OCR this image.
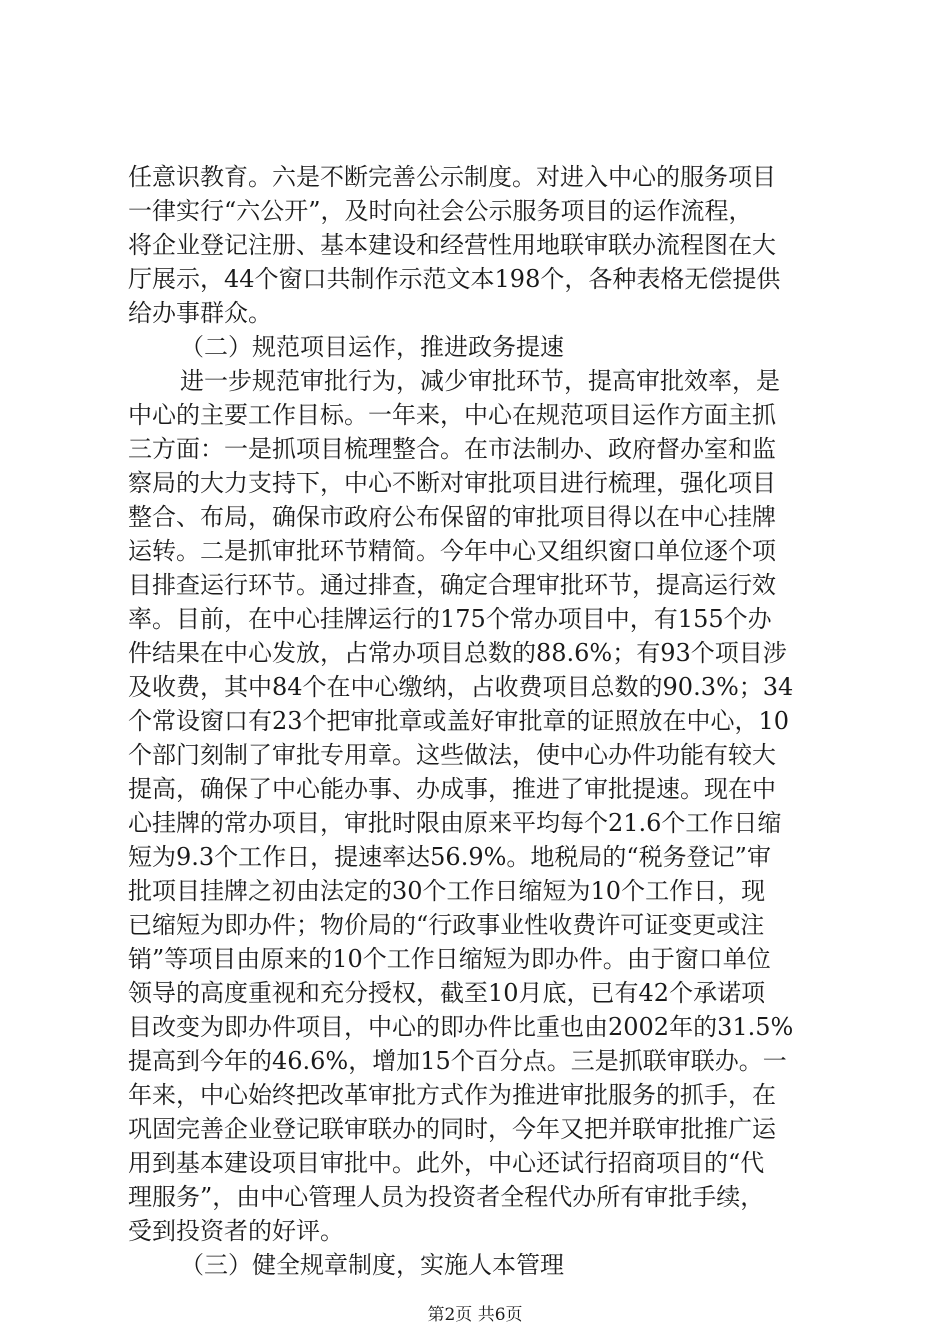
任意识教育。六是不断完善公示制度。对进入中心的服务项目
一律实行“六公开”，及时向社会公示服务项目的运作流程，
将企业登记注册、基本建设和经营性用地联审联办流程图在大
厅展示，44个窗口共制作示范文本198个，各种表格无偿提供
给办事群众。
（二）规范项目运作，推进政务提速
进一步规范审批行为，减少审批环节，提高审批效率，是
中心的主要工作目标。一年来，中心在规范项目运作方面主抓
三方面：一是抓项目梳理整合。在市法制办、政府督办室和监
察局的大力支持下，中心不断对审批项目进行梳理，强化项目
整合、布局，确保市政府公布保留的审批项目得以在中心挂牌
运转。二是抓审批环节精简。今年中心又组织窗口单位逐个项
目排查运行环节。通过排查，确定合理审批环节，提高运行效
率。目前，在中心挂牌运行的175个常办项目中，有155个办
件结果在中心发放，占常办项目总数的88.6%；有93个项目涉
及收费，其中84个在中心缴纳，占收费项目总数的90.3%；34
个常设窗口有23个把审批章或盖好审批章的证照放在中心，10
个部门刻制了审批专用章。这些做法，使中心办件功能有较大
提高，确保了中心能办事、办成事，推进了审批提速。现在中
心挂牌的常办项目，审批时限由原来平均每个21.6个工作日缩
短为9.3个工作日，提速率达56.9%。地税局的“税务登记”审
批项目挂牌之初由法定的30个工作日缩短为10个工作日，现
已缩短为即办件；物价局的“行政事业性收费许可证变更或注
销”等项目由原来的10个工作日缩短为即办件。由于窗口单位
领导的高度重视和充分授权，截至10月底，已有42个承诺项
目改变为即办件项目，中心的即办件比重也由2002年的31.5%
提高到今年的46.6%，增加15个百分点。三是抓联审联办。一
年来，中心始终把改革审批方式作为推进审批服务的抓手，在
巩固完善企业登记联审联办的同时，今年又把并联审批推广运
用到基本建设项目审批中。此外，中心还试行招商项目的“代
理服务”，由中心管理人员为投资者全程代办所有审批手续，
受到投资者的好评。
（三）健全规章制度，实施人本管理
第2页 共6页
